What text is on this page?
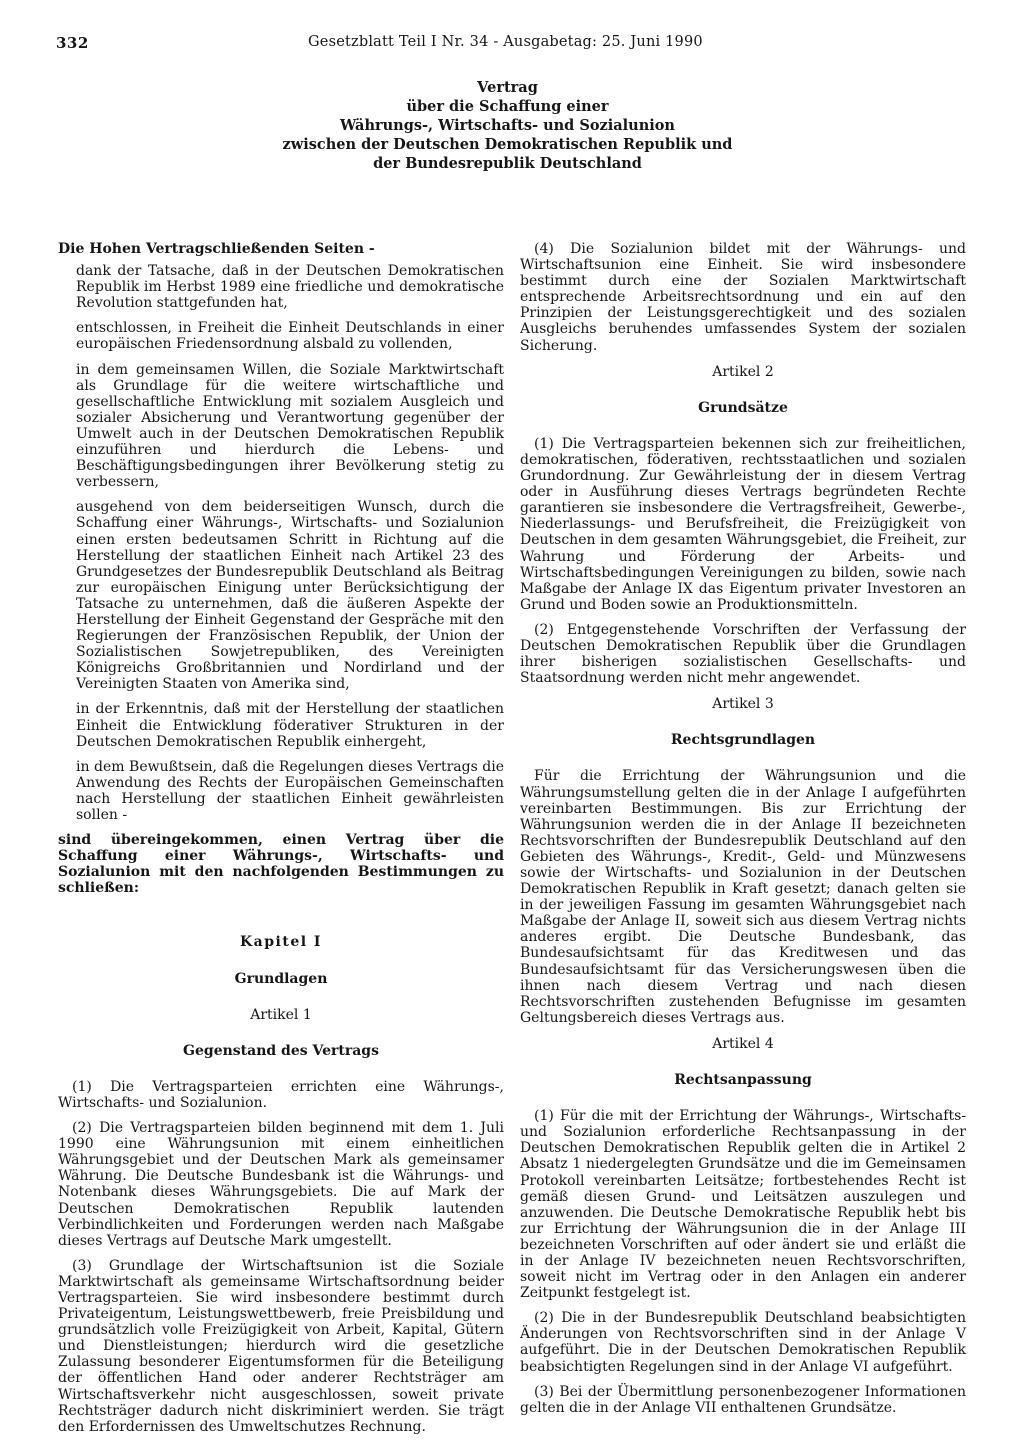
332	Gesetzblatt Teil I Nr. 34 - Ausgabetag: 25. Juni 1990
Vertrag
über die Schaffung einer
Währungs-, Wirtschafts- und Sozialunion
zwischen der Deutschen Demokratischen Republik und
der Bundesrepublik Deutschland

Die Hohen Vertragschließenden Seiten -

dank der Tatsache, daß in der Deutschen Demokratischen Republik im Herbst 1989 eine friedliche und demokratische Revolution stattgefunden hat,

entschlossen, in Freiheit die Einheit Deutschlands in einer europäischen Friedensordnung alsbald zu vollenden,

in dem gemeinsamen Willen, die Soziale Marktwirtschaft als Grundlage für die weitere wirtschaftliche und gesellschaftliche Entwicklung mit sozialem Ausgleich und sozialer Absicherung und Verantwortung gegenüber der Umwelt auch in der Deutschen Demokratischen Republik einzuführen und hierdurch die Lebens- und Beschäftigungsbedingungen ihrer Bevölkerung stetig zu verbessern,

ausgehend von dem beiderseitigen Wunsch, durch die Schaffung einer Währungs-, Wirtschafts- und Sozialunion einen ersten bedeutsamen Schritt in Richtung auf die Herstellung der staatlichen Einheit nach Artikel 23 des Grundgesetzes der Bundesrepublik Deutschland als Beitrag zur europäischen Einigung unter Berücksichtigung der Tatsache zu unternehmen, daß die äußeren Aspekte der Herstellung der Einheit Gegenstand der Gespräche mit den Regierungen der Französischen Republik, der Union der Sozialistischen Sowjetrepubliken, des Vereinigten Königreichs Großbritannien und Nordirland und der Vereinigten Staaten von Amerika sind,

in der Erkenntnis, daß mit der Herstellung der staatlichen Einheit die Entwicklung föderativer Strukturen in der Deutschen Demokratischen Republik einhergeht,

in dem Bewußtsein, daß die Regelungen dieses Vertrags die Anwendung des Rechts der Europäischen Gemeinschaften nach Herstellung der staatlichen Einheit gewährleisten sollen -

sind übereingekommen, einen Vertrag über die Schaffung einer Währungs-, Wirtschafts- und Sozialunion mit den nachfolgenden Bestimmungen zu schließen:

Kapitel I
Grundlagen
Artikel 1
Gegenstand des Vertrags

(1) Die Vertragsparteien errichten eine Währungs-, Wirtschafts- und Sozialunion.

(2) Die Vertragsparteien bilden beginnend mit dem 1. Juli 1990 eine Währungsunion mit einem einheitlichen Währungsgebiet und der Deutschen Mark als gemeinsamer Währung. Die Deutsche Bundesbank ist die Währungs- und Notenbank dieses Währungsgebiets. Die auf Mark der Deutschen Demokratischen Republik lautenden Verbindlichkeiten und Forderungen werden nach Maßgabe dieses Vertrags auf Deutsche Mark umgestellt.

(3) Grundlage der Wirtschaftsunion ist die Soziale Marktwirtschaft als gemeinsame Wirtschaftsordnung beider Vertragsparteien. Sie wird insbesondere bestimmt durch Privateigentum, Leistungswettbewerb, freie Preisbildung und grundsätzlich volle Freizügigkeit von Arbeit, Kapital, Gütern und Dienstleistungen; hierdurch wird die gesetzliche Zulassung besonderer Eigentumsformen für die Beteiligung der öffentlichen Hand oder anderer Rechtsträger am Wirtschaftsverkehr nicht ausgeschlossen, soweit private Rechtsträger dadurch nicht diskriminiert werden. Sie trägt den Erfordernissen des Umweltschutzes Rechnung.

(4) Die Sozialunion bildet mit der Währungs- und Wirtschaftsunion eine Einheit. Sie wird insbesondere bestimmt durch eine der Sozialen Marktwirtschaft entsprechende Arbeitsrechtsordnung und ein auf den Prinzipien der Leistungsgerechtigkeit und des sozialen Ausgleichs beruhendes umfassendes System der sozialen Sicherung.

Artikel 2
Grundsätze

(1) Die Vertragsparteien bekennen sich zur freiheitlichen, demokratischen, föderativen, rechtsstaatlichen und sozialen Grundordnung. Zur Gewährleistung der in diesem Vertrag oder in Ausführung dieses Vertrags begründeten Rechte garantieren sie insbesondere die Vertragsfreiheit, Gewerbe-, Niederlassungs- und Berufsfreiheit, die Freizügigkeit von Deutschen in dem gesamten Währungsgebiet, die Freiheit, zur Wahrung und Förderung der Arbeits- und Wirtschaftsbedingungen Vereinigungen zu bilden, sowie nach Maßgabe der Anlage IX das Eigentum privater Investoren an Grund und Boden sowie an Produktionsmitteln.

(2) Entgegenstehende Vorschriften der Verfassung der Deutschen Demokratischen Republik über die Grundlagen ihrer bisherigen sozialistischen Gesellschafts- und Staatsordnung werden nicht mehr angewendet.

Artikel 3
Rechtsgrundlagen

Für die Errichtung der Währungsunion und die Währungsumstellung gelten die in der Anlage I aufgeführten vereinbarten Bestimmungen. Bis zur Errichtung der Währungsunion werden die in der Anlage II bezeichneten Rechtsvorschriften der Bundesrepublik Deutschland auf den Gebieten des Währungs-, Kredit-, Geld- und Münzwesens sowie der Wirtschafts- und Sozialunion in der Deutschen Demokratischen Republik in Kraft gesetzt; danach gelten sie in der jeweiligen Fassung im gesamten Währungsgebiet nach Maßgabe der Anlage II, soweit sich aus diesem Vertrag nichts anderes ergibt. Die Deutsche Bundesbank, das Bundesaufsichtsamt für das Kreditwesen und das Bundesaufsichtsamt für das Versicherungswesen üben die ihnen nach diesem Vertrag und nach diesen Rechtsvorschriften zustehenden Befugnisse im gesamten Geltungsbereich dieses Vertrags aus.

Artikel 4
Rechtsanpassung

(1) Für die mit der Errichtung der Währungs-, Wirtschafts- und Sozialunion erforderliche Rechtsanpassung in der Deutschen Demokratischen Republik gelten die in Artikel 2 Absatz 1 niedergelegten Grundsätze und die im Gemeinsamen Protokoll vereinbarten Leitsätze; fortbestehendes Recht ist gemäß diesen Grund- und Leitsätzen auszulegen und anzuwenden. Die Deutsche Demokratische Republik hebt bis zur Errichtung der Währungsunion die in der Anlage III bezeichneten Vorschriften auf oder ändert sie und erläßt die in der Anlage IV bezeichneten neuen Rechtsvorschriften, soweit nicht im Vertrag oder in den Anlagen ein anderer Zeitpunkt festgelegt ist.

(2) Die in der Bundesrepublik Deutschland beabsichtigten Änderungen von Rechtsvorschriften sind in der Anlage V aufgeführt. Die in der Deutschen Demokratischen Republik beabsichtigten Regelungen sind in der Anlage VI aufgeführt.

(3) Bei der Übermittlung personenbezogener Informationen gelten die in der Anlage VII enthaltenen Grundsätze.
